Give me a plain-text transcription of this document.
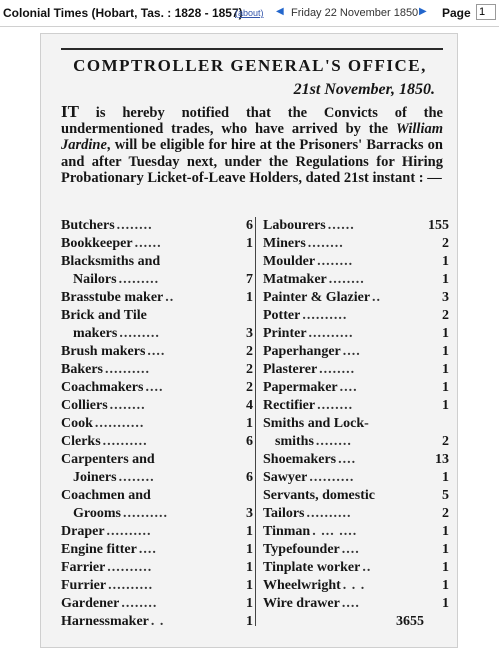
Colonial Times (Hobart, Tas. : 1828 - 1857)
(about) ◀ Friday 22 November 1850 ▶ Page
1
COMPTROLLER GENERAL'S OFFICE,
21st November, 1850.
IT is hereby notified that the Convicts of the undermentioned trades, who have arrived by the William Jardine, will be eligible for hire at the Prisoners' Barracks on and after Tuesday next, under the Regulations for Hiring Probationary Licket-of-Leave Holders, dated 21st instant : —
Butchers ........	6
Bookkeeper ......	1
Blacksmiths and
Nailors .........	7
Brasstube maker ..	1
Brick and Tile
makers .........	3
Brush makers ....	2
Bakers ..........	2
Coachmakers ....	2
Colliers ........	4
Cook ...........	1
Clerks ..........	6
Carpenters and
Joiners ........	6
Coachmen and
Grooms ..........	3
Draper ..........	1
Engine fitter ....	1
Farrier ..........	1
Furrier ..........	1
Gardener ........	1
Harnessmaker . .	1
Labourers ......	155
Miners ........	2
Moulder ........	1
Matmaker ........	1
Painter & Glazier ..	3
Potter ..........	2
Printer ..........	1
Paperhanger ....	1
Plasterer ........	1
Papermaker ....	1
Rectifier ........	1
Smiths and Lock-
smiths ........	2
Shoemakers ....	13
Sawyer ..........	1
Servants, domestic	5
Tailors ..........	2
Tinman . ... ....	1
Typefounder ....	1
Tinplate worker ..	1
Wheelwright . . .	1
Wire drawer ....	1
3655
